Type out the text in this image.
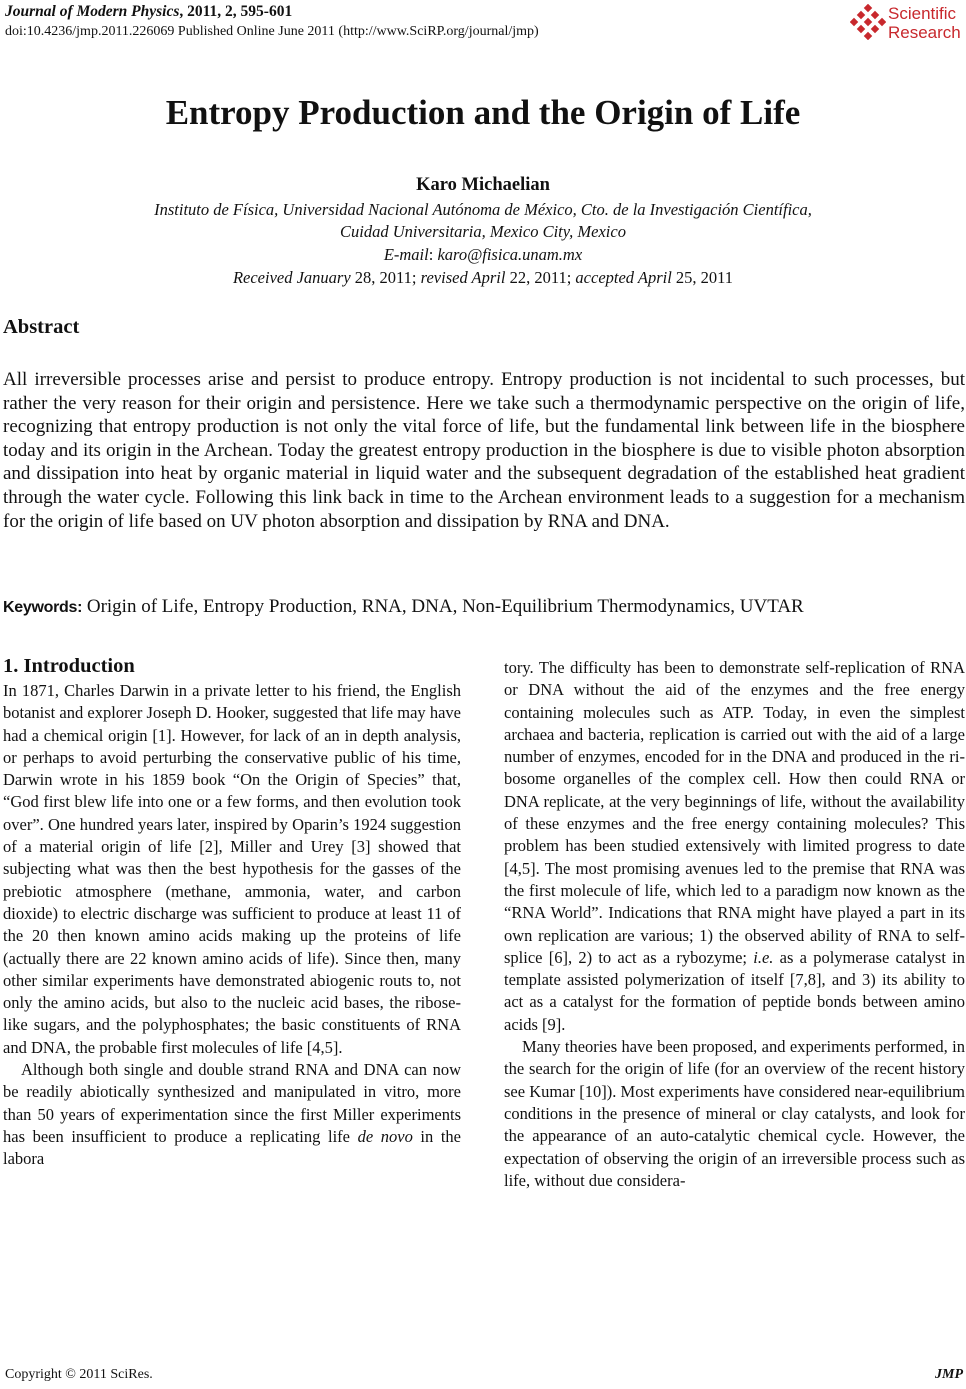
Journal of Modern Physics, 2011, 2, 595-601
doi:10.4236/jmp.2011.226069 Published Online June 2011 (http://www.SciRP.org/journal/jmp)
Scientific
Research
Entropy Production and the Origin of Life
Karo Michaelian
Instituto de Física, Universidad Nacional Autónoma de México, Cto. de la Investigación Científica,
Cuidad Universitaria, Mexico City, Mexico
E-mail: karo@fisica.unam.mx
Received January 28, 2011; revised April 22, 2011; accepted April 25, 2011
Abstract
All irreversible processes arise and persist to produce entropy. Entropy production is not incidental to such processes, but rather the very reason for their origin and persistence. Here we take such a thermodynamic perspective on the origin of life, recognizing that entropy production is not only the vital force of life, but the fundamental link between life in the biosphere today and its origin in the Archean. Today the greatest entropy production in the biosphere is due to visible photon absorption and dissipation into heat by organic material in liquid water and the subsequent degradation of the established heat gradient through the water cycle. Following this link back in time to the Archean environment leads to a suggestion for a mechanism for the origin of life based on UV photon absorption and dissipation by RNA and DNA.
Keywords: Origin of Life, Entropy Production, RNA, DNA, Non-Equilibrium Thermodynamics, UVTAR
1. Introduction

In 1871, Charles Darwin in a private letter to his friend, the English botanist and explorer Joseph D. Hooker, suggested that life may have had a chemical origin [1]. However, for lack of an in depth analysis, or perhaps to avoid perturbing the conservative public of his time, Darwin wrote in his 1859 book “On the Origin of Species” that, “God first blew life into one or a few forms, and then evolution took over”. One hundred years later, inspired by Oparin’s 1924 suggestion of a material origin of life [2], Miller and Urey [3] showed that subjecting what was then the best hypothesis for the gasses of the prebiotic atmosphere (methane, ammonia, water, and carbon dioxide) to electric discharge was sufficient to produce at least 11 of the 20 then known amino acids making up the proteins of life (actually there are 22 known amino acids of life). Since then, many other similar experiments have demonstrated abiogenic routs to, not only the amino acids, but also to the nucleic acid bases, the ribose-like sugars, and the polyphosphates; the basic constituents of RNA and DNA, the probable first molecules of life [4,5].

Although both single and double strand RNA and DNA can now be readily abiotically synthesized and manipulated in vitro, more than 50 years of experimentation since the first Miller experiments has been insufficient to produce a replicating life de novo in the labora

tory. The difficulty has been to demonstrate self-replication of RNA or DNA without the aid of the enzymes and the free energy containing molecules such as ATP. Today, in even the simplest archaea and bacteria, replication is carried out with the aid of a large number of enzymes, encoded for in the DNA and produced in the ribosome organelles of the complex cell. How then could RNA or DNA replicate, at the very beginnings of life, without the availability of these enzymes and the free energy containing molecules? This problem has been studied extensively with limited progress to date [4,5]. The most promising avenues led to the premise that RNA was the first molecule of life, which led to a paradigm now known as the “RNA World”. Indications that RNA might have played a part in its own replication are various; 1) the observed ability of RNA to self-splice [6], 2) to act as a rybozyme; i.e. as a polymerase catalyst in template assisted polymerization of itself [7,8], and 3) its ability to act as a catalyst for the formation of peptide bonds between amino acids [9].

Many theories have been proposed, and experiments performed, in the search for the origin of life (for an overview of the recent history see Kumar [10]). Most experiments have considered near-equilibrium conditions in the presence of mineral or clay catalysts, and look for the appearance of an auto-catalytic chemical cycle. However, the expectation of observing the origin of an irreversible process such as life, without due considera-

Copyright © 2011 SciRes.	JMP
